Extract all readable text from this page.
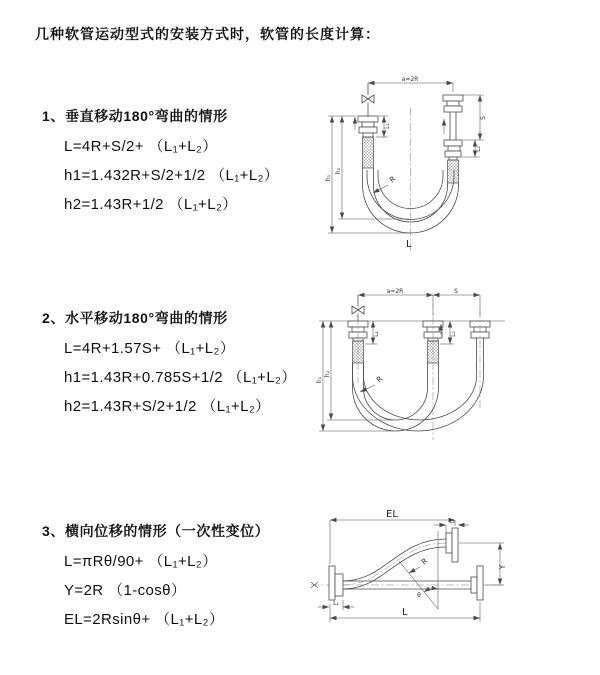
几种软管运动型式的安装方式时，软管的长度计算：
1、垂直移动180°弯曲的情形
L=4R+S/2+ （L₁+L₂）
h1=1.432R+S/2+1/2 （L₁+L₂）
h2=1.43R+1/2 （L₁+L₂）
2、水平移动180°弯曲的情形
L=4R+1.57S+ （L₁+L₂）
h1=1.43R+0.785S+1/2 （L₁+L₂）
h2=1.43R+S/2+1/2 （L₁+L₂）
3、横向位移的情形（一次性变位）
L=πRθ/90+ （L₁+L₂）
Y=2R （1-cosθ）
EL=2Rsinθ+ （L₁+L₂）
a=2R
L₁
h₁
h₂
S
L₂
R
L
a=2R	S
L₁	L₂
h₁
h₂
R
EL
L₂
Y
θ
R
L
L₁
